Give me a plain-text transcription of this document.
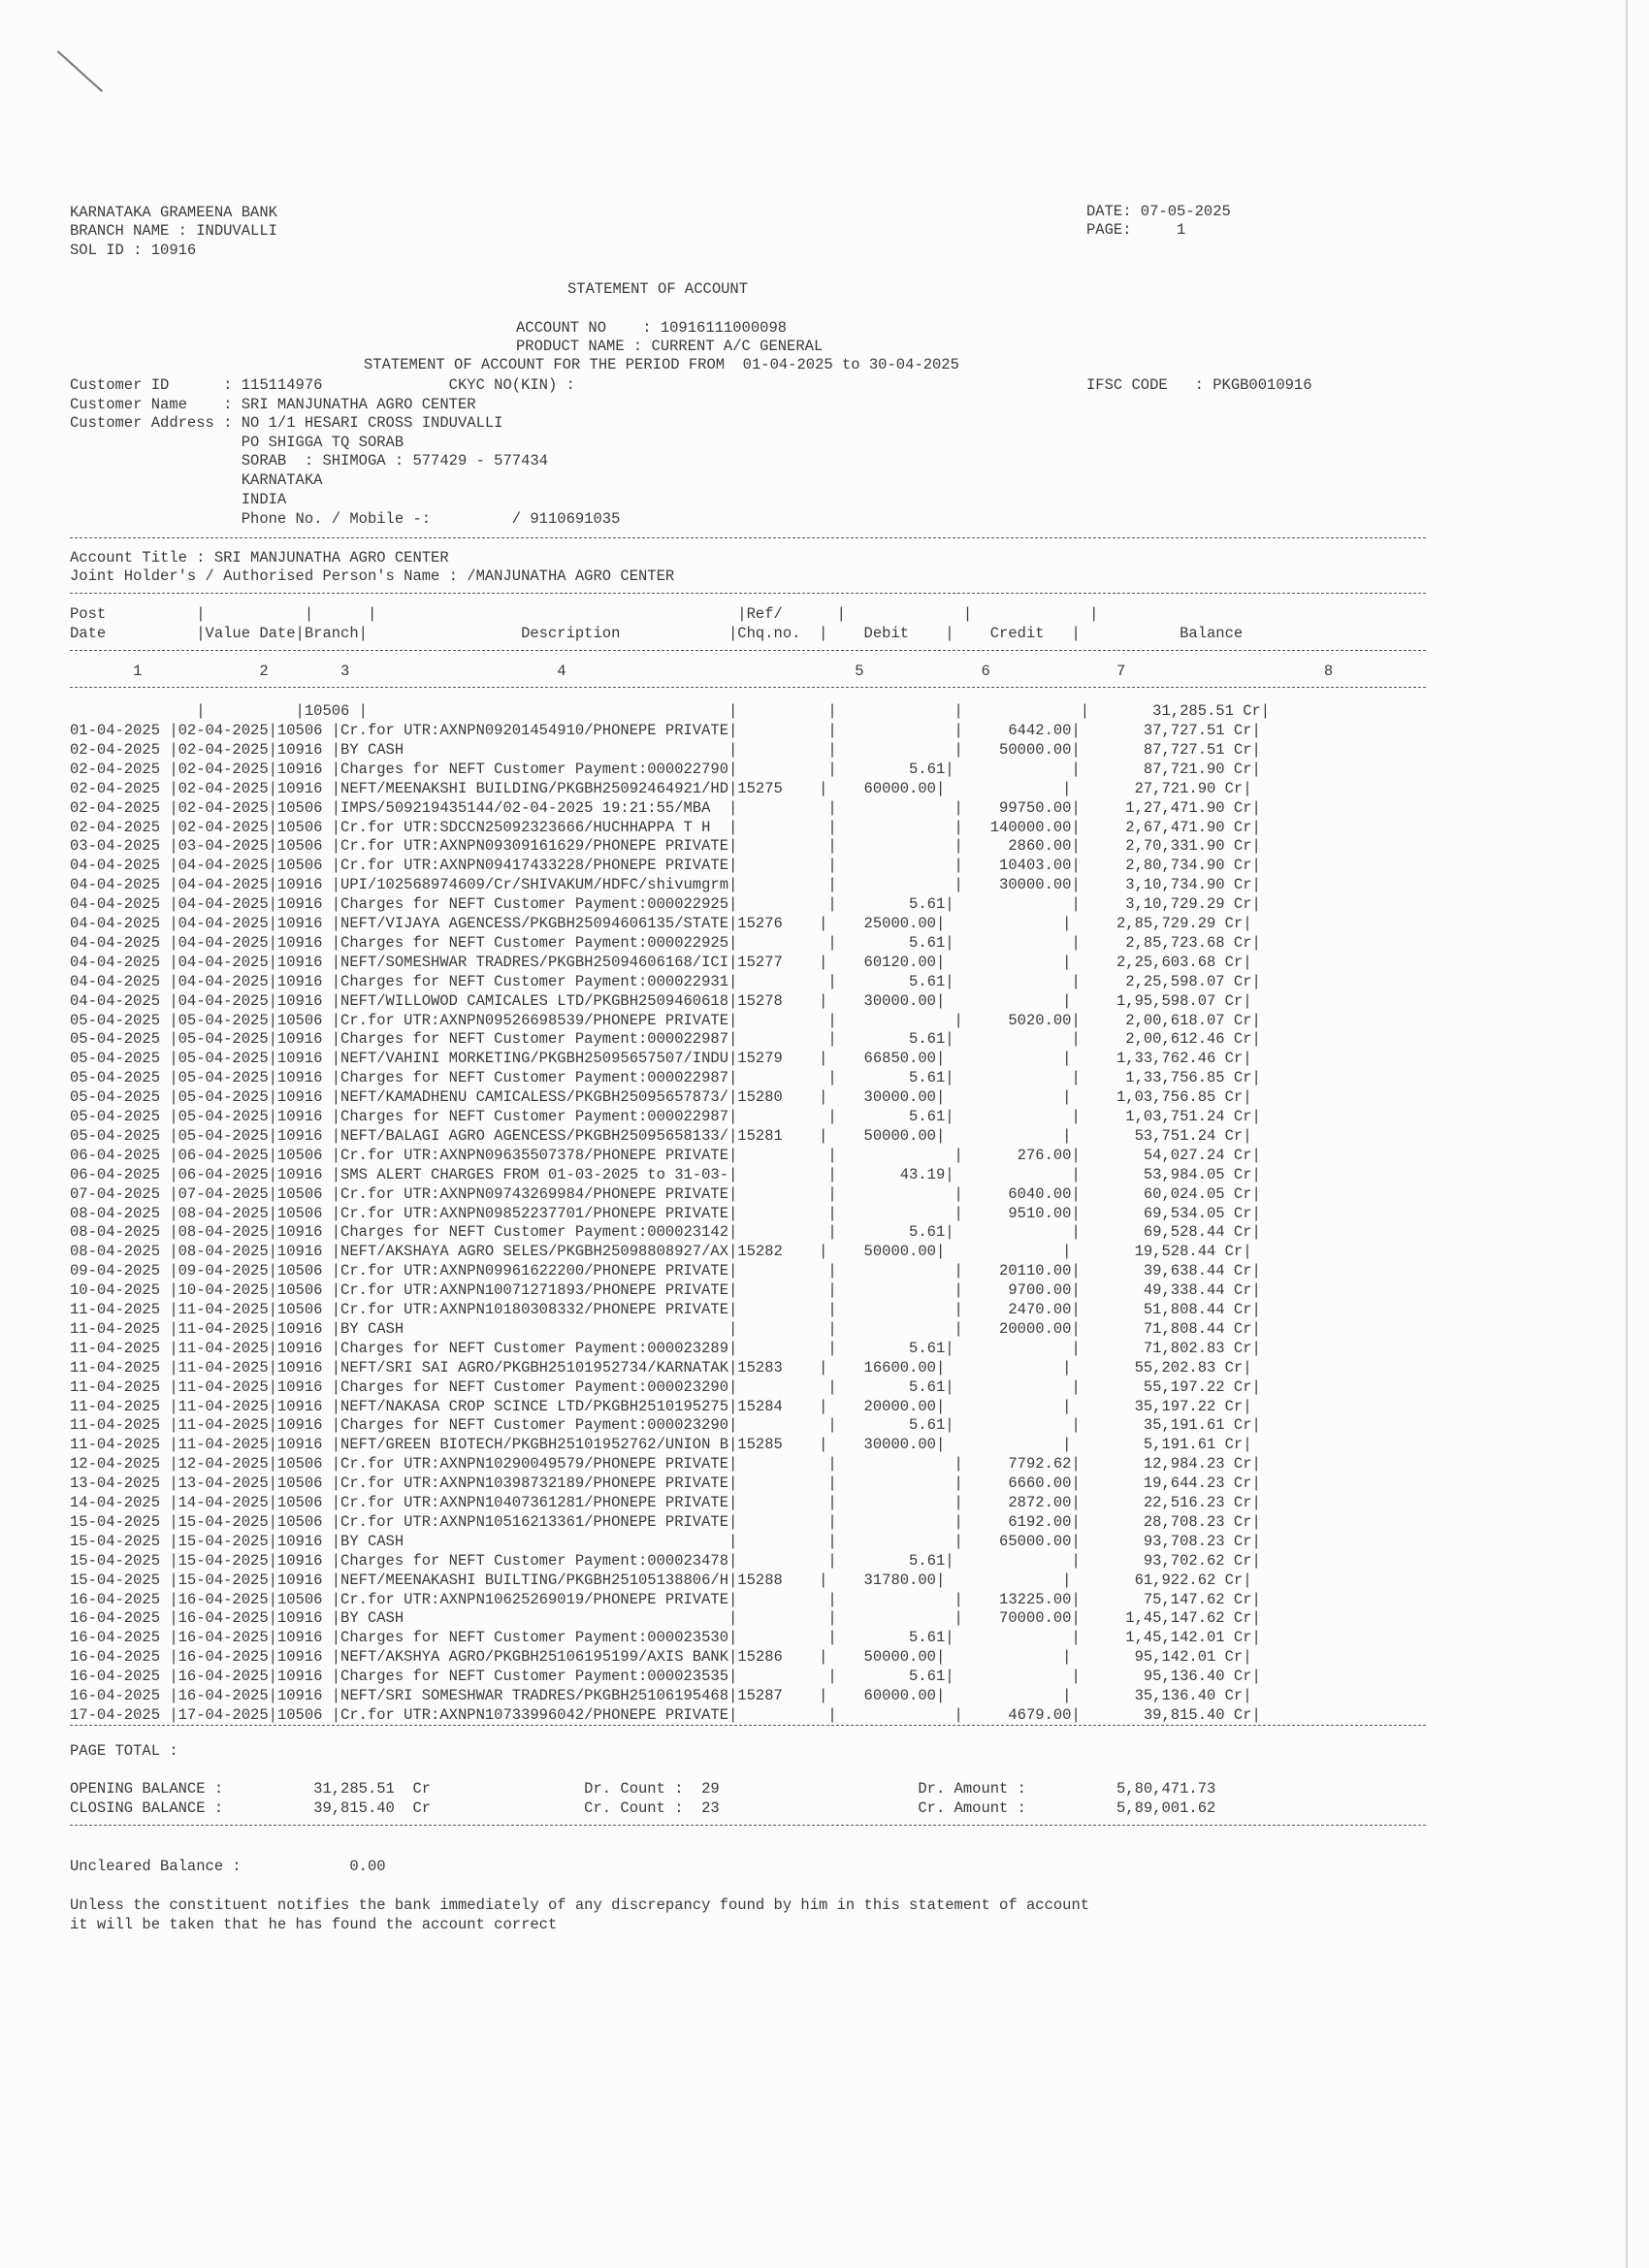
KARNATAKA GRAMEENA BANK
BRANCH NAME : INDUVALLI
SOL ID : 10916
DATE: 07-05-2025
PAGE:     1
STATEMENT OF ACCOUNT
ACCOUNT NO    : 10916111000098
PRODUCT NAME : CURRENT A/C GENERAL
STATEMENT OF ACCOUNT FOR THE PERIOD FROM  01-04-2025 to 30-04-2025
Customer ID      : 115114976              CKYC NO(KIN) :	IFSC CODE   : PKGB0010916
Customer Name    : SRI MANJUNATHA AGRO CENTER
Customer Address : NO 1/1 HESARI CROSS INDUVALLI
PO SHIGGA TQ SORAB
SORAB  : SHIMOGA : 577429 - 577434
KARNATAKA
INDIA
Phone No. / Mobile -:         / 9110691035
Account Title : SRI MANJUNATHA AGRO CENTER
Joint Holder's / Authorised Person's Name : /MANJUNATHA AGRO CENTER
Post          |           |      |                                        |Ref/      |             |             |
Date          |Value Date|Branch|                 Description            |Chq.no.  |    Debit    |    Credit   |           Balance
1             2        3                       4                                5             6              7                      8
|          |10506 |                                        |          |             |             |       31,285.51 Cr|
01-04-2025 |02-04-2025|10506 |Cr.for UTR:AXNPN09201454910/PHONEPE PRIVATE|          |             |     6442.00|       37,727.51 Cr|
02-04-2025 |02-04-2025|10916 |BY CASH                                    |          |             |    50000.00|       87,727.51 Cr|
02-04-2025 |02-04-2025|10916 |Charges for NEFT Customer Payment:000022790|          |        5.61|             |       87,721.90 Cr|
02-04-2025 |02-04-2025|10916 |NEFT/MEENAKSHI BUILDING/PKGBH25092464921/HD|15275    |    60000.00|             |       27,721.90 Cr|
02-04-2025 |02-04-2025|10506 |IMPS/509219435144/02-04-2025 19:21:55/MBA  |          |             |    99750.00|     1,27,471.90 Cr|
02-04-2025 |02-04-2025|10506 |Cr.for UTR:SDCCN25092323666/HUCHHAPPA T H  |          |             |   140000.00|     2,67,471.90 Cr|
03-04-2025 |03-04-2025|10506 |Cr.for UTR:AXNPN09309161629/PHONEPE PRIVATE|          |             |     2860.00|     2,70,331.90 Cr|
04-04-2025 |04-04-2025|10506 |Cr.for UTR:AXNPN09417433228/PHONEPE PRIVATE|          |             |    10403.00|     2,80,734.90 Cr|
04-04-2025 |04-04-2025|10916 |UPI/102568974609/Cr/SHIVAKUM/HDFC/shivumgrm|          |             |    30000.00|     3,10,734.90 Cr|
04-04-2025 |04-04-2025|10916 |Charges for NEFT Customer Payment:000022925|          |        5.61|             |     3,10,729.29 Cr|
04-04-2025 |04-04-2025|10916 |NEFT/VIJAYA AGENCESS/PKGBH25094606135/STATE|15276    |    25000.00|             |     2,85,729.29 Cr|
04-04-2025 |04-04-2025|10916 |Charges for NEFT Customer Payment:000022925|          |        5.61|             |     2,85,723.68 Cr|
04-04-2025 |04-04-2025|10916 |NEFT/SOMESHWAR TRADRES/PKGBH25094606168/ICI|15277    |    60120.00|             |     2,25,603.68 Cr|
04-04-2025 |04-04-2025|10916 |Charges for NEFT Customer Payment:000022931|          |        5.61|             |     2,25,598.07 Cr|
04-04-2025 |04-04-2025|10916 |NEFT/WILLOWOD CAMICALES LTD/PKGBH2509460618|15278    |    30000.00|             |     1,95,598.07 Cr|
05-04-2025 |05-04-2025|10506 |Cr.for UTR:AXNPN09526698539/PHONEPE PRIVATE|          |             |     5020.00|     2,00,618.07 Cr|
05-04-2025 |05-04-2025|10916 |Charges for NEFT Customer Payment:000022987|          |        5.61|             |     2,00,612.46 Cr|
05-04-2025 |05-04-2025|10916 |NEFT/VAHINI MORKETING/PKGBH25095657507/INDU|15279    |    66850.00|             |     1,33,762.46 Cr|
05-04-2025 |05-04-2025|10916 |Charges for NEFT Customer Payment:000022987|          |        5.61|             |     1,33,756.85 Cr|
05-04-2025 |05-04-2025|10916 |NEFT/KAMADHENU CAMICALESS/PKGBH25095657873/|15280    |    30000.00|             |     1,03,756.85 Cr|
05-04-2025 |05-04-2025|10916 |Charges for NEFT Customer Payment:000022987|          |        5.61|             |     1,03,751.24 Cr|
05-04-2025 |05-04-2025|10916 |NEFT/BALAGI AGRO AGENCESS/PKGBH25095658133/|15281    |    50000.00|             |       53,751.24 Cr|
06-04-2025 |06-04-2025|10506 |Cr.for UTR:AXNPN09635507378/PHONEPE PRIVATE|          |             |      276.00|       54,027.24 Cr|
06-04-2025 |06-04-2025|10916 |SMS ALERT CHARGES FROM 01-03-2025 to 31-03-|          |       43.19|             |       53,984.05 Cr|
07-04-2025 |07-04-2025|10506 |Cr.for UTR:AXNPN09743269984/PHONEPE PRIVATE|          |             |     6040.00|       60,024.05 Cr|
08-04-2025 |08-04-2025|10506 |Cr.for UTR:AXNPN09852237701/PHONEPE PRIVATE|          |             |     9510.00|       69,534.05 Cr|
08-04-2025 |08-04-2025|10916 |Charges for NEFT Customer Payment:000023142|          |        5.61|             |       69,528.44 Cr|
08-04-2025 |08-04-2025|10916 |NEFT/AKSHAYA AGRO SELES/PKGBH25098808927/AX|15282    |    50000.00|             |       19,528.44 Cr|
09-04-2025 |09-04-2025|10506 |Cr.for UTR:AXNPN09961622200/PHONEPE PRIVATE|          |             |    20110.00|       39,638.44 Cr|
10-04-2025 |10-04-2025|10506 |Cr.for UTR:AXNPN10071271893/PHONEPE PRIVATE|          |             |     9700.00|       49,338.44 Cr|
11-04-2025 |11-04-2025|10506 |Cr.for UTR:AXNPN10180308332/PHONEPE PRIVATE|          |             |     2470.00|       51,808.44 Cr|
11-04-2025 |11-04-2025|10916 |BY CASH                                    |          |             |    20000.00|       71,808.44 Cr|
11-04-2025 |11-04-2025|10916 |Charges for NEFT Customer Payment:000023289|          |        5.61|             |       71,802.83 Cr|
11-04-2025 |11-04-2025|10916 |NEFT/SRI SAI AGRO/PKGBH25101952734/KARNATAK|15283    |    16600.00|             |       55,202.83 Cr|
11-04-2025 |11-04-2025|10916 |Charges for NEFT Customer Payment:000023290|          |        5.61|             |       55,197.22 Cr|
11-04-2025 |11-04-2025|10916 |NEFT/NAKASA CROP SCINCE LTD/PKGBH2510195275|15284    |    20000.00|             |       35,197.22 Cr|
11-04-2025 |11-04-2025|10916 |Charges for NEFT Customer Payment:000023290|          |        5.61|             |       35,191.61 Cr|
11-04-2025 |11-04-2025|10916 |NEFT/GREEN BIOTECH/PKGBH25101952762/UNION B|15285    |    30000.00|             |        5,191.61 Cr|
12-04-2025 |12-04-2025|10506 |Cr.for UTR:AXNPN10290049579/PHONEPE PRIVATE|          |             |     7792.62|       12,984.23 Cr|
13-04-2025 |13-04-2025|10506 |Cr.for UTR:AXNPN10398732189/PHONEPE PRIVATE|          |             |     6660.00|       19,644.23 Cr|
14-04-2025 |14-04-2025|10506 |Cr.for UTR:AXNPN10407361281/PHONEPE PRIVATE|          |             |     2872.00|       22,516.23 Cr|
15-04-2025 |15-04-2025|10506 |Cr.for UTR:AXNPN10516213361/PHONEPE PRIVATE|          |             |     6192.00|       28,708.23 Cr|
15-04-2025 |15-04-2025|10916 |BY CASH                                    |          |             |    65000.00|       93,708.23 Cr|
15-04-2025 |15-04-2025|10916 |Charges for NEFT Customer Payment:000023478|          |        5.61|             |       93,702.62 Cr|
15-04-2025 |15-04-2025|10916 |NEFT/MEENAKASHI BUILTING/PKGBH25105138806/H|15288    |    31780.00|             |       61,922.62 Cr|
16-04-2025 |16-04-2025|10506 |Cr.for UTR:AXNPN10625269019/PHONEPE PRIVATE|          |             |    13225.00|       75,147.62 Cr|
16-04-2025 |16-04-2025|10916 |BY CASH                                    |          |             |    70000.00|     1,45,147.62 Cr|
16-04-2025 |16-04-2025|10916 |Charges for NEFT Customer Payment:000023530|          |        5.61|             |     1,45,142.01 Cr|
16-04-2025 |16-04-2025|10916 |NEFT/AKSHYA AGRO/PKGBH25106195199/AXIS BANK|15286    |    50000.00|             |       95,142.01 Cr|
16-04-2025 |16-04-2025|10916 |Charges for NEFT Customer Payment:000023535|          |        5.61|             |       95,136.40 Cr|
16-04-2025 |16-04-2025|10916 |NEFT/SRI SOMESHWAR TRADRES/PKGBH25106195468|15287    |    60000.00|             |       35,136.40 Cr|
17-04-2025 |17-04-2025|10506 |Cr.for UTR:AXNPN10733996042/PHONEPE PRIVATE|          |             |     4679.00|       39,815.40 Cr|
PAGE TOTAL :
OPENING BALANCE :          31,285.51  Cr                 Dr. Count :  29                      Dr. Amount :          5,80,471.73
CLOSING BALANCE :          39,815.40  Cr                 Cr. Count :  23                      Cr. Amount :          5,89,001.62
Uncleared Balance :            0.00
Unless the constituent notifies the bank immediately of any discrepancy found by him in this statement of account
it will be taken that he has found the account correct
